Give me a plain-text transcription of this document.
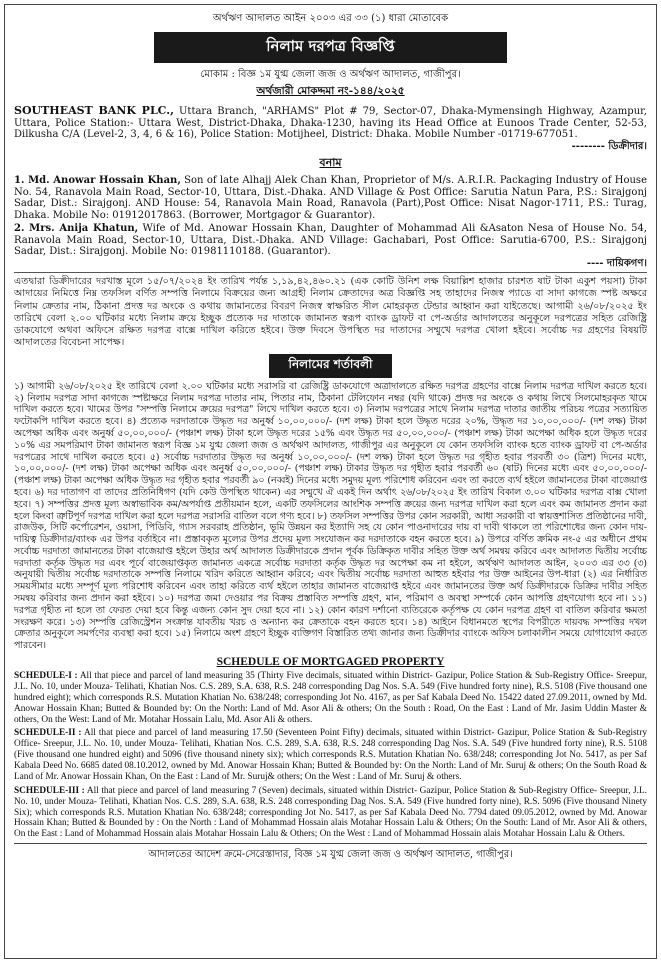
অর্থঋণ আদালত আইন ২০০৩ এর ৩৩ (১) ধারা মোতাবেক
নিলাম দরপত্র বিজ্ঞপ্তি
মোকাম : বিজ্ঞ ১ম যুগ্ম জেলা জজ ও অর্থঋণ আদালত, গাজীপুর।
অর্থজারী মোকদ্দমা নং-১৪৪/২০২৫
SOUTHEAST BANK PLC., Uttara Branch, "ARHAMS" Plot # 79, Sector-07, Dhaka-Mymensingh Highway, Azampur, Uttara, Police Station:- Uttara West, District-Dhaka, Dhaka-1230, having its Head Office at Eunoos Trade Center, 52-53, Dilkusha C/A (Level-2, 3, 4, 6 & 16), Police Station: Motijheel, District: Dhaka. Mobile Number -01719-677051.
-------- ডিক্রীদার।
বনাম
1. Md. Anowar Hossain Khan, Son of late Alhajj Alek Chan Khan, Proprietor of M/s. A.R.I.R. Packaging Industry of House No. 54, Ranavola Main Road, Sector-10, Uttara, Dist.-Dhaka. AND Village & Post Office: Sarutia Natun Para, P.S.: Sirajgonj Sadar, Dist.: Sirajgonj. AND House: 54, Ranavola Main Road, Ranavola (Part),Post Office: Nisat Nagor-1711, P.S.: Turag, Dhaka. Mobile No: 01912017863. (Borrower, Mortgagor & Guarantor).
2. Mrs. Anija Khatun, Wife of Md. Anowar Hossain Khan, Daughter of Mohammad Ali &Asaton Nesa of House No. 54, Ranavola Main Road, Sector-10, Uttara, Dist.-Dhaka. AND Village: Gachabari, Post Office: Sarutia-6700, P.S.: Sirajgonj Sadar, Dist.: Sirajgonj. Mobile No: 01981110188. (Guarantor).
---- দায়িকগণ।
এতদ্বারা ডিক্রীদারের দরখাস্ত মূলে ১৫/০৭/২০২৪ ইং তারিখ পর্যন্ত ১,১৯,৪২,৪৬০.২১ (এক কোটি উনিশ লক্ষ বিয়াল্লিশ হাজার চারশত ষাট টাকা একুশ পয়সা) টাকা আদায়ের নিমিত্তে নিম্ন তফসিল বর্ণিত সম্পত্তি নিলামে বিক্রয়ের জন্য আগ্রহী নিলাম ক্রেতাদের অত্র বিজ্ঞপ্তি সহ তাহাদের নিজস্ব প্যাডে বা সাদা কাগজে স্পষ্ট অক্ষরে নিলাম ক্রেতার নাম, ঠিকানা প্রদত্ত দর অংকে ও কথায় জামানতের বিবরণ নিজস্ব স্বাক্ষরিত সীল মোহরকৃত টেন্ডার আহ্বান করা যাইতেছে। আগামী ২৬/০৮/২০২৫ ইং তারিখে বেলা ২.০০ ঘটিকার মধ্যে নিলাম ক্রয়ে ইচ্ছুক প্রত্যেক দর দাতাকে জামানত স্বরূপ ব্যাংক ড্রাফট বা পে-অর্ডার আদালতের অনুকূলে দরপত্রের সহিত রেজিষ্ট্রি ডাকযোগে অথবা অফিসে রক্ষিত দরপত্র বাক্সে দাখিল করিতে হইবে। উক্ত দিবসে উপস্থিত দর দাতাদের সম্মুখে দরপত্র খোলা হইবে। সর্বোচ্চ দর গ্রহণের বিষয়টি আদালতের বিবেচনা সাপেক্ষ।
নিলামের শর্তাবলী
১) আগামী ২৬/০৮/২০২৫ ইং তারিখে বেলা ২.০০ ঘটিকার মধ্যে সরাসরি বা রেজিষ্ট্রি ডাকযোগে অত্রাদালতে রক্ষিত দরপত্র গ্রহণের বাক্সে নিলাম দরপত্র দাখিল করতে হবে। ২) নিলাম দরপত্র সাদা কাগজে স্পষ্টাক্ষরে নিলাম দরপত্র দাতার নাম, পিতার নাম, ঠিকানা টেলিফোন নম্বর (যদি থাকে) প্রদত্ত দর অংকে ও কথায় লিখে সিলমোহরকৃত খামে দাখিল করতে হবে। খামের উপর "সম্পত্তি নিলামে ক্রয়ের দরপত্র" লিখে দাখিল করতে হবে। ৩) নিলাম দরপত্রের সাথে নিলাম দরপত্র দাতার জাতীয় পরিচয় পত্রের সত্যায়িত ফটোকপি দাখিল করতে হবে। ৪) প্রত্যেক দরদাতাকে উদ্ধৃত দর অনুর্ধ্ব ১০,০০,০০০/- (দশ লক্ষ) টাকা হলে উদ্ধৃত দরের ২০%, উদ্ধৃত দর ১০,০০,০০০/- (দশ লক্ষ) টাকা অপেক্ষা অধিক এবং অনুর্ধ্ব ৫০,০০,০০০/- (পঞ্চাশ লক্ষ) টাকা হলে উদ্ধৃত দরের ১৫% এবং উদ্ধৃত দর ৫০,০০,০০০/- (পঞ্চাশ লক্ষ) টাকা অপেক্ষা অধিক হলে উদ্ধৃত দরের ১০% এর সমপরিমাণ টাকা জামানত স্বরূপ বিজ্ঞ ১ম যুগ্ম জেলা জজ ও অর্থঋণ আদালত, গাজীপুর এর অনুকূলে যে কোন তফসিলি ব্যাংক হতে ব্যাংক ড্রাফট বা পে-অর্ডার দরপত্রের সাথে দাখিল করতে হবে। ৫) সর্বোচ্চ দরদাতার উদ্ধৃত দর অনুর্ধ্ব ১০,০০,০০০/- (দশ লক্ষ) টাকা হলে উদ্ধৃত দর গৃহীত হবার পরবর্তী ৩০ (ত্রিশ) দিনের মধ্যে, ১০,০০,০০০/- (দশ লক্ষ) টাকা অপেক্ষা অধিক এবং অনুর্ধ্ব ৫০,০০,০০০/- (পঞ্চাশ লক্ষ) টাকার উদ্ধৃত দর গৃহীত হবার পরবর্তী ৬০ (ষাট) দিনের মধ্যে এবং ৫০,০০,০০০/- (পঞ্চাশ লক্ষ) টাকা অপেক্ষা অধিক উদ্ধৃত দর গৃহীত হবার পরবর্তী ৯০ (নব্বই) দিনের মধ্যে সমুদয় মূল্য পরিশোধ করিবেন এবং তা করতে ব্যর্থ হইলে জামানতের টাকা বাজেয়াপ্ত হবে। ৬) দর দাতাগণ বা তাদের প্রতিনিধিগণ (যদি কেউ উপস্থিত থাকেন) এর সম্মুখে ঐ একই দিন অর্থাৎ ২৬/০৮/২০২৫ ইং তারিখ বিকাল ৩.০০ ঘটিকার দরপত্র বাক্স খোলা হবে। ৭) সম্পত্তির প্রদত্ত মূল্য অস্বাভাবিক কম/অপর্যাপ্ত প্রতীয়মান হলে, একটি তফসিলের আংশিক সম্পত্তি ক্রয়ের জন্য দরপত্র দাখিল করা হলে এবং কম জামানত প্রদান করা হলে কিংবা ত্রুটিপূর্ণ দরপত্র দাখিল করা হলে দরপত্র সরাসরি বাতিল বলে গণ্য হবে। ৮) তফসিল সম্পত্তির উপর কোন সরকারী, আধা সরকারী বা স্বায়ত্তশাসিত প্রতিষ্ঠানের দাবী, রাজউক, সিটি কর্পোরেশন, ওয়াসা, পিডিবি, গ্যাস সরবরাহ প্রতিষ্ঠান, ভূমি উন্নয়ন কর ইত্যাদি সহ যে কোন পাওনাদারের দায় বা দাবী থাকলে তা পরিশোধের জন্য কোন দায়-দায়িত্ব ডিক্রীদার/ব্যাংক এর উপর বর্তাইবে না। প্রস্তাবকৃত মূল্যের উপর প্রদেয় মূল্য সংযোজন কর দরদাতাকে বহন করতে হবে। ৯) উপরে বর্ণিত ক্রমিক নং-৫ এর অধীনে প্রথম সর্বোচ্চ দরদাতা জামানতের টাকা বাজেয়াপ্ত হইলে উহার অর্থ আদালত ডিক্রীদারকে প্রদান পূর্বক ডিক্রিকৃত দাবীর সহিত উক্ত অর্থ সমন্বয় করিবে এবং আদালত দ্বিতীয় সর্বোচ্চ দরদাতা কর্তৃক উদ্ধৃত দর এবং পূর্বে বাজেয়াপ্তকৃত জামানত একত্রে সর্বোচ্চ দরদাতা কর্তৃক উদ্ধৃত দর অপেক্ষা কম না হইলে, অর্থঋণ আদালত আইন, ২০০৩ এর ৩৩ (৩) অনুযায়ী দ্বিতীয় সর্বোচ্চ দরদাতাকে সম্পত্তি নিলামে খরিদ করিতে আহ্বান করিবে; এবং দ্বিতীয় সর্বোচ্চ দরদাতা আহুত হইবার পর উক্ত আইনের উপ-ধারা (২) এর নির্ধারিত সময়সীমার মধ্যে সম্পূর্ণ মূল্য পরিশোধ করিবেন এবং তাহা করিতে ব্যর্থ হইলে তাহার জামানত বাজেয়াপ্ত হইবে এবং জামানতের উক্ত অর্থ ডিক্রীদারকে ডিক্রির দাবীর সহিত সমন্বয় করিবার জন্য প্রদান করা হইবে। ১০) দরপত্র জমা দেওয়ার পর বিক্রয় প্রস্তাবিত সম্পত্তি গ্রহণ, মান, পরিমাণ ও অবস্থা সম্পর্কে কোন আপত্তি গ্রহণযোগ্য হবে না। ১১) দরপত্র গৃহীত না হলে তা ফেরত দেয়া হবে কিন্তু এজন্য কোন সুদ দেয়া হবে না। ১২) কোন কারণ দর্শানো ব্যতিরেকে কর্তৃপক্ষ যে কোন দরপত্র গ্রহণ বা বাতিল করিবার ক্ষমতা সংরক্ষণ করে। ১৩) সম্পত্তি রেজিস্ট্রেশন সংক্রান্ত যাবতীয় খরচ ও অন্যান্য কর ক্রেতাকে বহন করতে হবে। ১৪) আইনে বিধানমতে স্থপের বিপরীতে দায়বদ্ধ সম্পত্তির দখল ক্রেতার অনুকূলে সমর্পণের ব্যবস্থা করা হবে। ১৫) নিলামে অংশ গ্রহণে ইচ্ছুক ব্যক্তিগণ বিস্তারিত তথ্য জানার জন্য ডিক্রীদার ব্যাংকে অফিস চলাকালীন সময়ে যোগাযোগ করতে পারবেন।
SCHEDULE OF MORTGAGED PROPERTY
SCHEDULE-I : All that piece and parcel of land measuring 35 (Thirty Five decimals, situated within District- Gazipur, Police Station & Sub-Registry Office- Sreepur, J.L. No. 10, under Mouza- Telihati, Khatian Nos. C.S. 289, S.A. 638, R.S. 248 corresponding Dag Nos. S.A. 549 (Five hundred forty nine), R.S. 5108 (Five thousand one hundred eight); which corresponds R.S. Mutation Khatian No. 638/248; corresponding Jot No. 4167, as per Saf Kabala Deed No. 15422 dated 27.09.2011, owned by Md. Anowar Hossain Khan; Butted & Bounded by: On the North: Land of Md. Asor Ali & others; On the South : Road, On the East : Land of Mr. Jasim Uddin Master & others, On the West: Land of Mr. Motahar Hossain Lalu, Md. Asor Ali & others.
SCHEDULE-II : All that piece and parcel of land measuring 17.50 (Seventeen Point Fifty) decimals, situated within District- Gazipur, Police Station & Sub-Registry Office- Sreepur, J.L. No. 10, under Mouza- Telihati, Khatian Nos. C.S. 289, S.A. 638, R.S. 248 corresponding Dag Nos. S.A. 549 (Five hundred forty nine), R.S. 5108 (Five thousand one hundred eight) and 5096 (five thousand ninety six); which corresponds R.S. Mutation Khatian No. 638/248; corresponding Jot No. 5417, as per Saf Kabala Deed No. 6685 dated 08.10.2012, owned by Md. Anowar Hossain Khan; Butted & Bounded by: On the North: Land of Mr. Suruj & others; On the South Road & Land of Mr. Anowar Hossain Khan, On the East : Land of Mr. Suruj& others; On the West : Land of Mr. Suruj & others.
SCHEDULE-III : All that piece and parcel of land measuring 7 (Seven) decimals, situated within District- Gazipur, Police Station & Sub-Registry Office- Sreepur, J.L. No. 10, under Mouza- Telihati, Khatian Nos. C.S. 289, S.A. 638, R.S. 248 corresponding Dag Nos. S.A. 549 (Five hundred forty nine), R.S. 5096 (Five thousand Ninety Six); which corresponds R.S. Mutation Khatian No. 638/248; corresponding Jot No. 5417, as per Saf Kabala Deed No. 7794 dated 09.05.2012, owned by Md. Anowar Hossain Khan; Butted & Bounded by : On the North : Land of Mohammad Hossain alais Motahar Hossain Lalu & Others; On the South: Land of Mr. Asor Ali & others, On the East : Land of Mohammad Hossain alais Motahar Hossain Lalu & Others; On the West : Land of Mohammad Hossain alais Motahar Hossain Lalu & Others.
আদালতের আদেশ ক্রমে-সেরেস্তাদার, বিজ্ঞ ১ম যুগ্ম জেলা জজ ও অর্থঋণ আদালত, গাজীপুর।
